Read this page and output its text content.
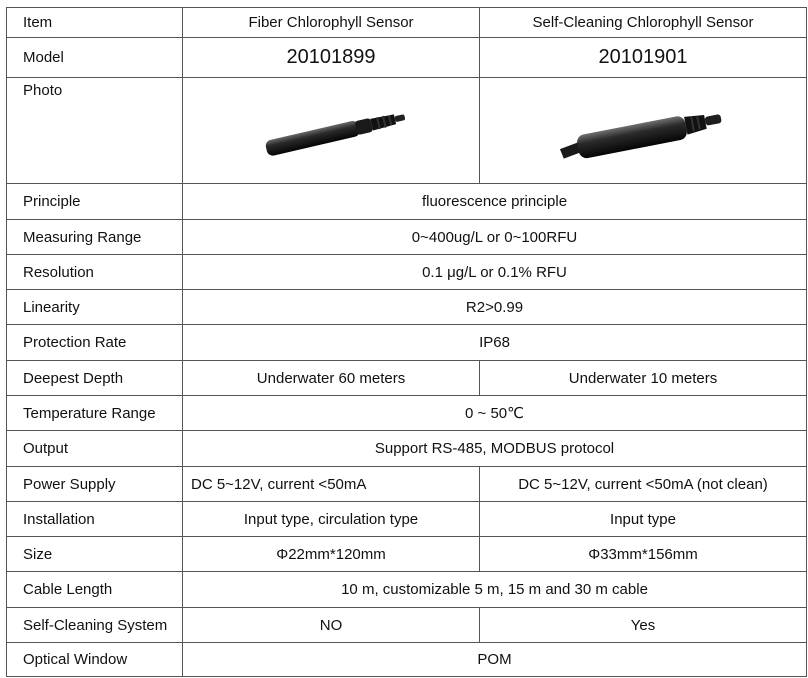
Item	Fiber Chlorophyll Sensor	Self-Cleaning Chlorophyll Sensor
Model	20101899	20101901
Photo	

Principle	fluorescence principle	
Measuring Range	0~400ug/L or 0~100RFU	
Resolution	0.1 μg/L or 0.1% RFU	
Linearity	R2>0.99	
Protection Rate	IP68	
Deepest Depth	Underwater 60 meters	Underwater 10 meters
Temperature Range	0 ~ 50℃	
Output	Support RS-485, MODBUS protocol	
Power Supply	DC 5~12V, current <50mA	DC 5~12V, current <50mA (not clean)
Installation	Input type, circulation type	Input type
Size	Φ22mm*120mm	Φ33mm*156mm
Cable Length	10 m, customizable 5 m, 15 m and 30 m cable	
Self-Cleaning System	NO	Yes
Optical Window	POM	
